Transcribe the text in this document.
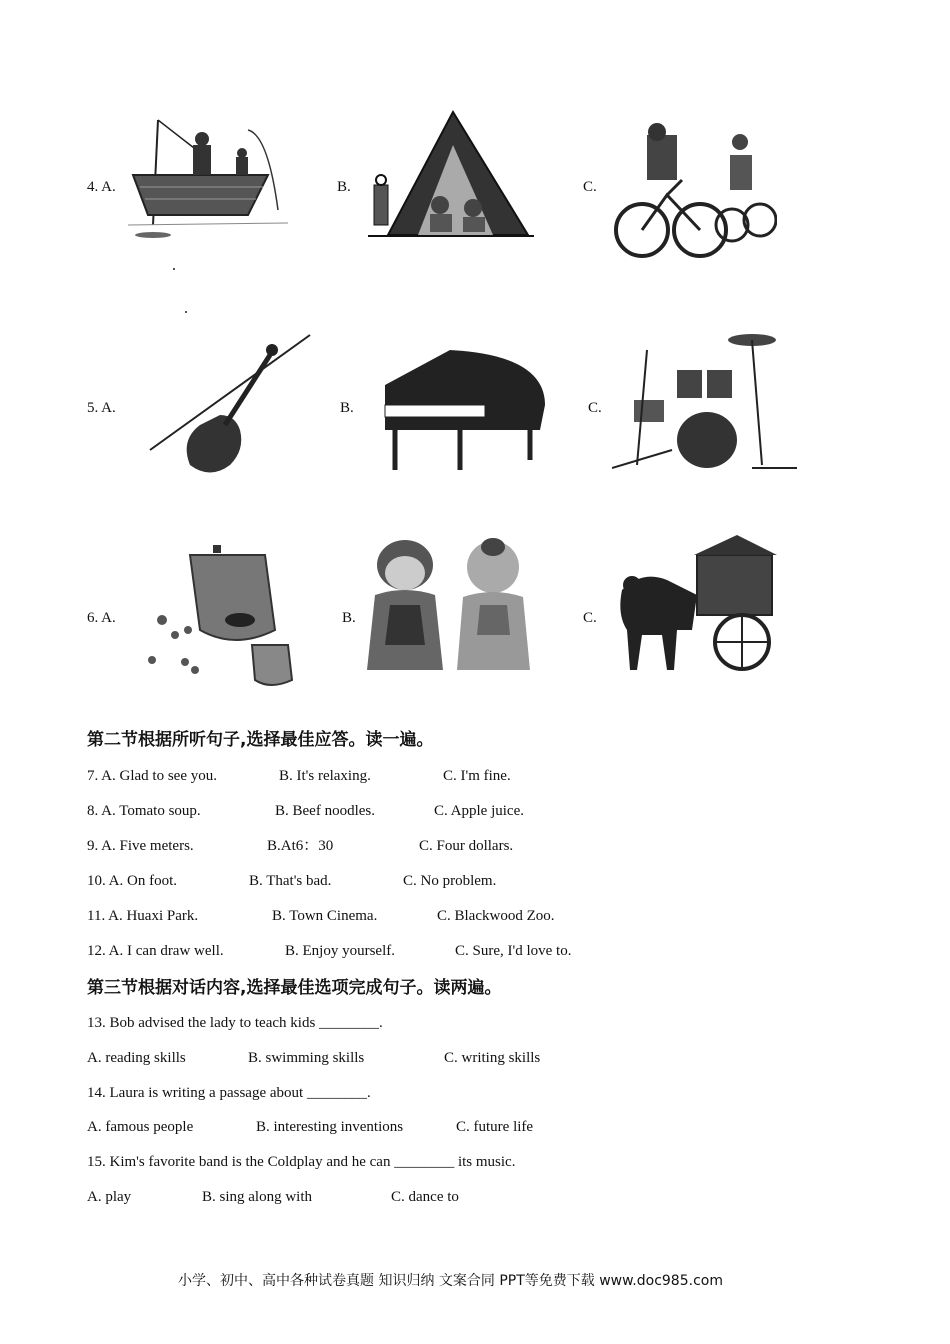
4. A.	B.	C.
5. A.	B.	C.
6. A.	B.	C.
第二节根据所听句子,选择最佳应答。读一遍。
7. A. Glad to see you.	B. It's relaxing.	C. I'm fine.
8. A. Tomato soup.	B. Beef noodles.	C. Apple juice.
9. A. Five meters.	B.At6：30	C. Four dollars.
10. A. On foot.	B. That's bad.	C. No problem.
11. A. Huaxi Park.	B. Town Cinema.	C. Blackwood Zoo.
12. A. I can draw well.	B. Enjoy yourself.	C. Sure, I'd love to.
第三节根据对话内容,选择最佳选项完成句子。读两遍。
13. Bob advised the lady to teach kids ________.
A. reading skills	B. swimming skills	C. writing skills
14. Laura is writing a passage about ________.
A. famous people	B. interesting inventions	C. future life
15. Kim's favorite band is the Coldplay and he can ________ its music.
A. play	B. sing along with	C. dance to
小学、初中、高中各种试卷真题 知识归纳 文案合同 PPT等免费下载 www.doc985.com
